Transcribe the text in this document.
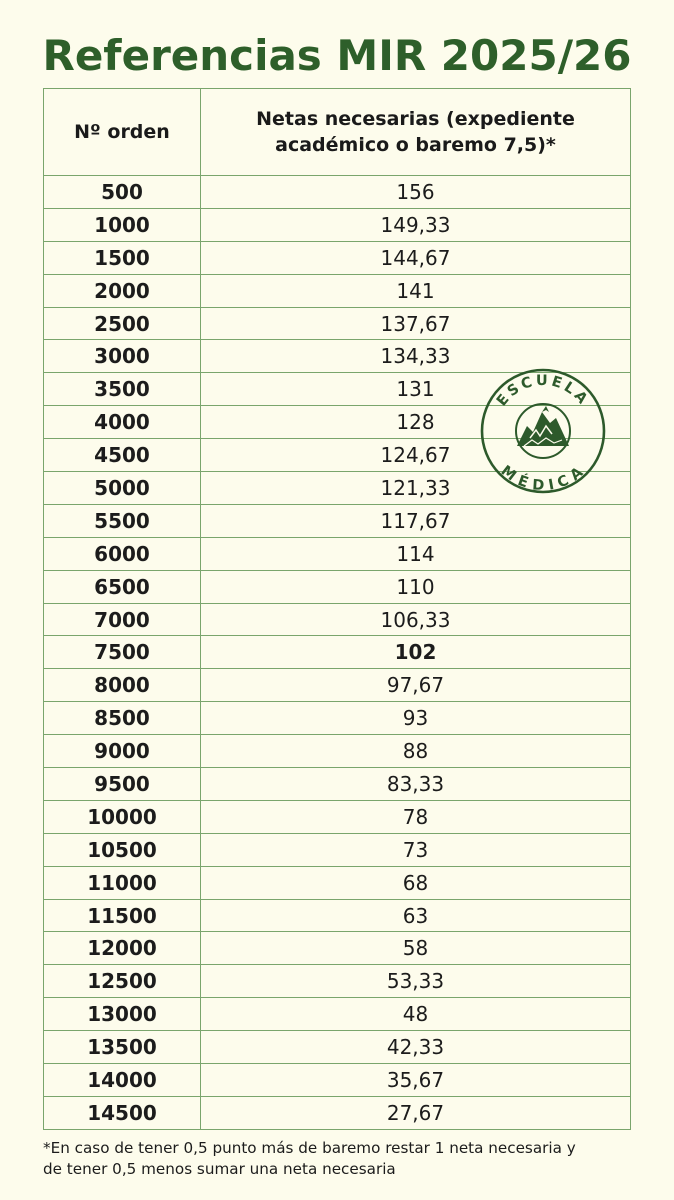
Referencias MIR 2025/26
Nº orden	Netas necesarias (expediente
académico o baremo 7,5)*
500	156
1000	149,33
1500	144,67
2000	141
2500	137,67
3000	134,33
3500	131
4000	128
4500	124,67
5000	121,33
5500	117,67
6000	114
6500	110
7000	106,33
7500	102
8000	97,67
8500	93
9000	88
9500	83,33
10000	78
10500	73
11000	68
11500	63
12000	58
12500	53,33
13000	48
13500	42,33
14000	35,67
14500	27,67
ESCUELA
MÉDICA
*En caso de tener 0,5 punto más de baremo restar 1 neta necesaria y
de tener 0,5 menos sumar una neta necesaria
